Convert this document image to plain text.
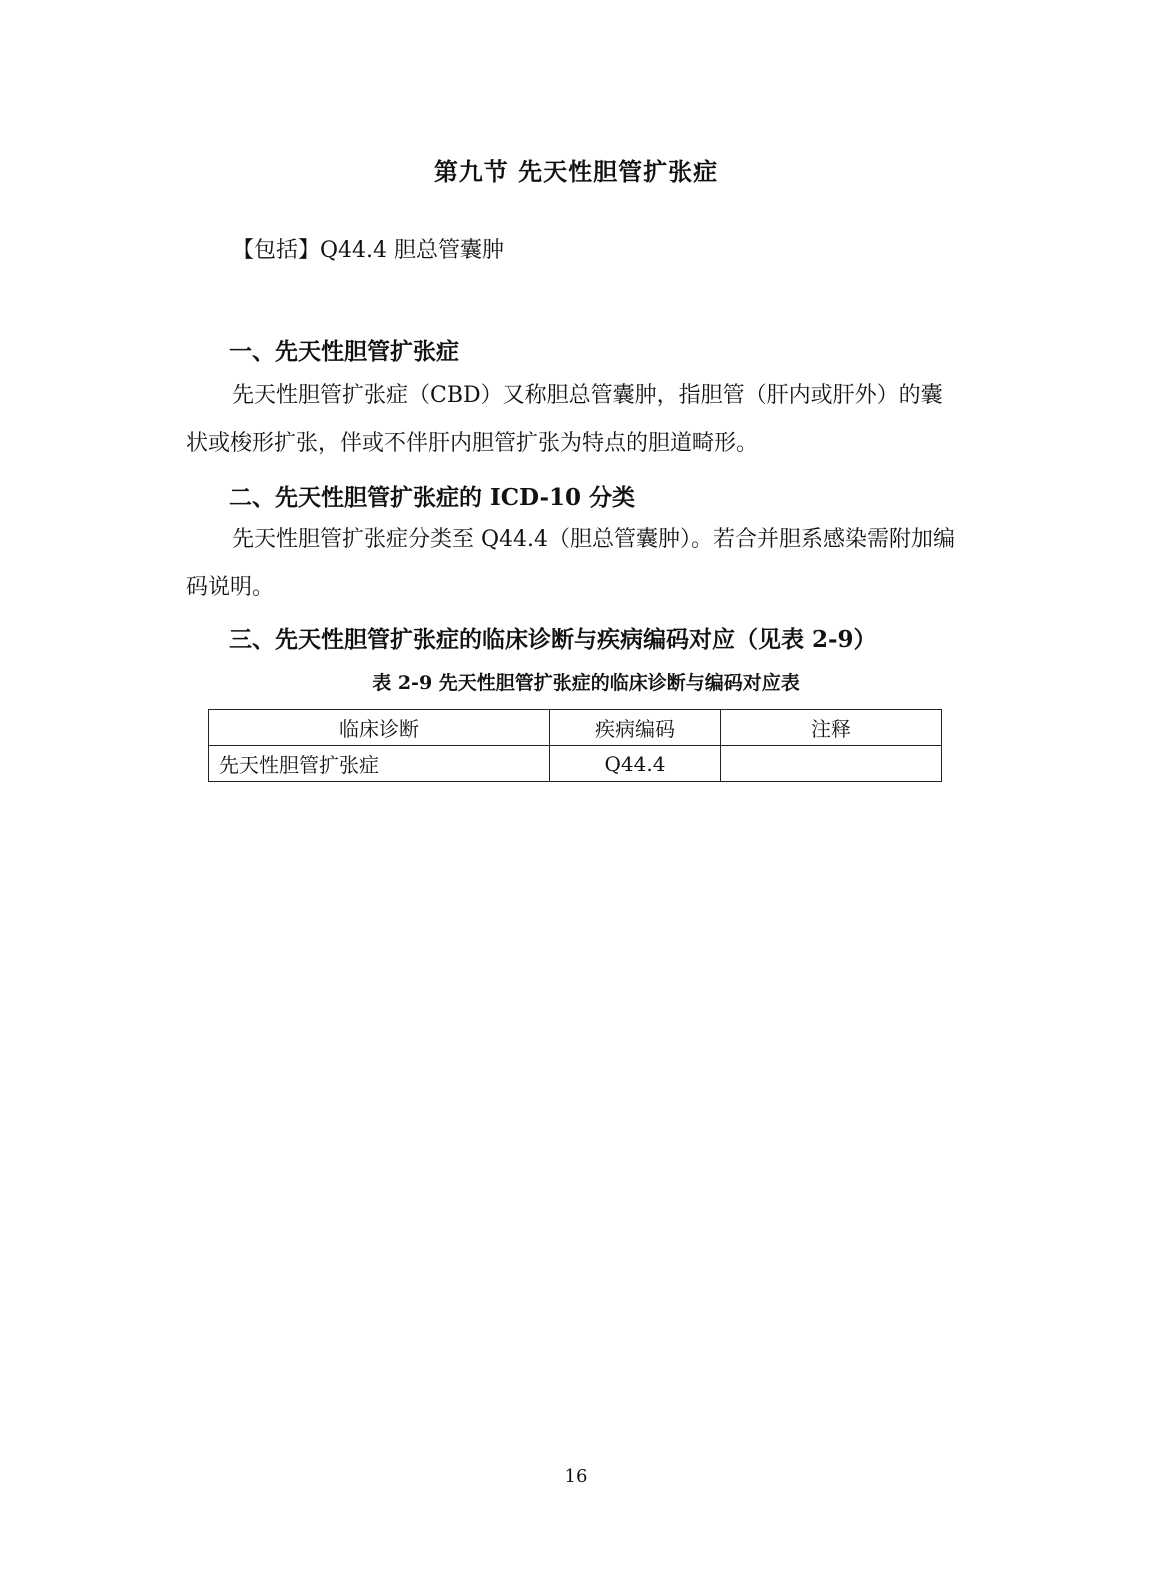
第九节 先天性胆管扩张症

【包括】Q44.4 胆总管囊肿

一、先天性胆管扩张症

先天性胆管扩张症（CBD）又称胆总管囊肿，指胆管（肝内或肝外）的囊状或梭形扩张，伴或不伴肝内胆管扩张为特点的胆道畸形。

二、先天性胆管扩张症的 ICD-10 分类

先天性胆管扩张症分类至 Q44.4（胆总管囊肿）。若合并胆系感染需附加编码说明。

三、先天性胆管扩张症的临床诊断与疾病编码对应（见表 2-9）

表 2-9 先天性胆管扩张症的临床诊断与编码对应表

临床诊断	疾病编码	注释
先天性胆管扩张症	Q44.4	

16
